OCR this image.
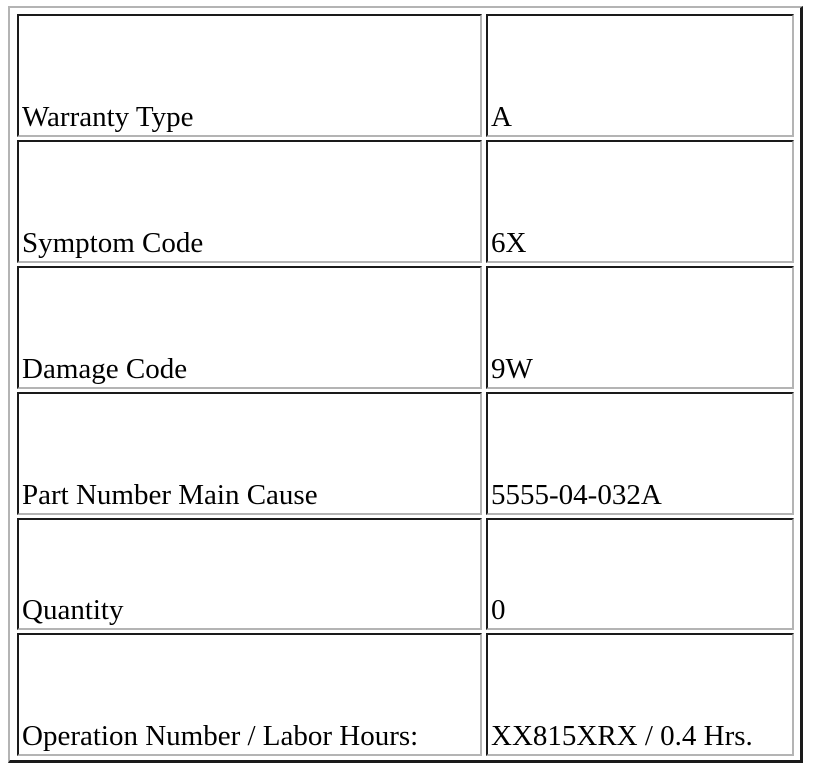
Warranty Type	A
Symptom Code	6X
Damage Code	9W
Part Number Main Cause	5555-04-032A
Quantity	0
Operation Number / Labor Hours:	XX815XRX / 0.4 Hrs.
